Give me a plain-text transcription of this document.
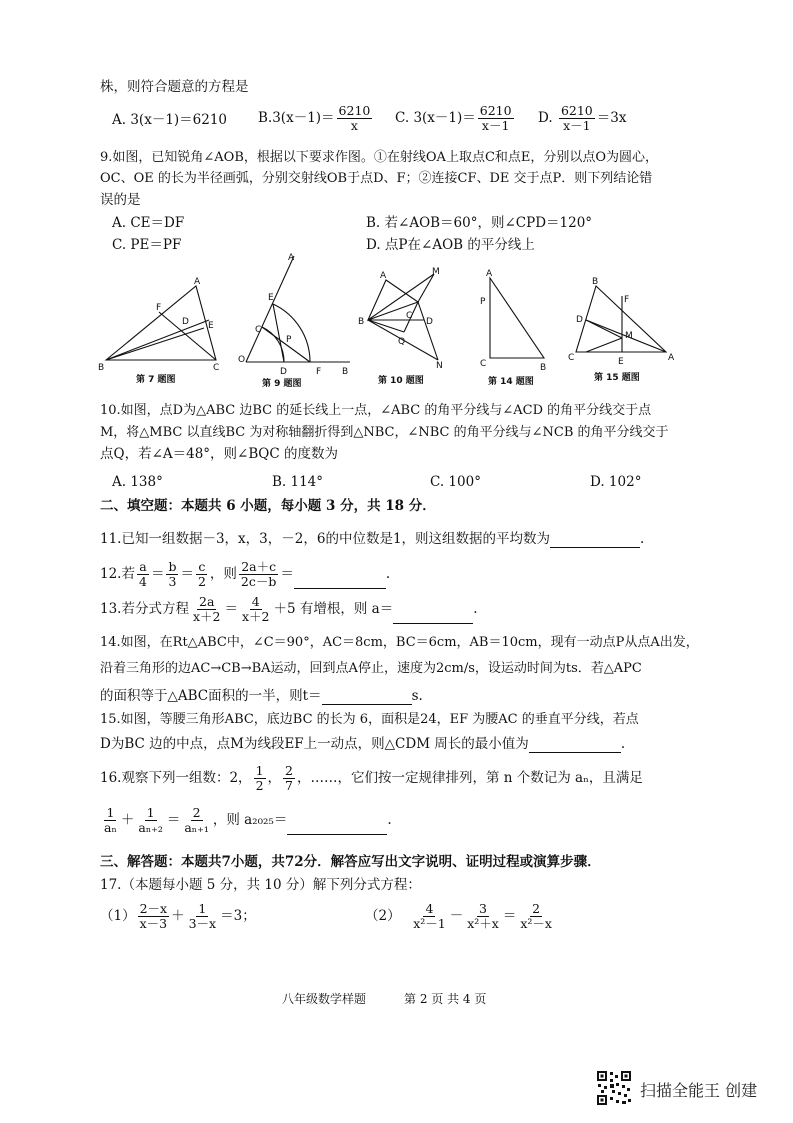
株，则符合题意的方程是
A. 3(x－1)＝6210 $B.3(x-1)= \frac{6210}{x} C$. $3(x-1)= \frac{6210}{x-1} D$. $\frac{6210}{x-1} =3x$
9.如图，已知锐角∠AOB，根据以下要求作图。①在射线OA上取点C和点E，分别以点O为圆心，
OC、OE 的长为半径画弧，分别交射线OB于点D、F；②连接CF、DE 交于点P．则下列结论错
误的是
A. CE＝DF	B. 若∠AOB＝60°，则∠CPD＝120°
C. PE＝PF	D. 点P在∠AOB 的平分线上
A
B	C
D E
F
第 7 题图
A
B
C
D
E
F
O
P
第 9 题图
A
B
C
D
M
N
Q
第 10 题图
A
B
C
P
第 14 题图
B
A
C
D
E
F
M
第 15 题图
10.如图，点D为△ABC 边BC 的延长线上一点，∠ABC 的角平分线与∠ACD 的角平分线交于点
M，将△MBC 以直线BC 为对称轴翻折得到△NBC，∠NBC 的角平分线与∠NCB 的角平分线交于
点Q，若∠A＝48°，则∠BQC 的度数为
A. 138°	B. 114°	C. 100°	D. 102°
二、填空题：本题共 6 小题，每小题 3 分，共 18 分．
11.已知一组数据－3，x，3，－2，6的中位数是1，则这组数据的平均数为	.
12.若 $\frac{a}{4} = \frac{b}{3} = \frac{c}{2}$ ，则 $\frac{2a+c}{2c-b}$ ＝	.
13.若分式方程 $\frac{2a}{x+2} = \frac{4}{x+2} +5$ 有增根，则 a＝	.
14.如图，在Rt△ABC中，∠C＝90°，AC＝8cm，BC＝6cm，AB＝10cm，现有一动点P从点A出发，
沿着三角形的边AC→CB→BA运动，回到点A停止，速度为2cm/s，设运动时间为ts．若△APC
的面积等于△ABC面积的一半，则t＝	s.
15.如图，等腰三角形ABC，底边BC 的长为 6，面积是24，EF 为腰AC 的垂直平分线，若点
D为BC 边的中点，点M为线段EF上一动点，则△CDM 周长的最小值为	.
16.观察下列一组数：2， $\frac{1}{2}$ ， $\frac{2}{7}$ ，……，它们按一定规律排列，第 n 个数记为 aₙ，且满足
$\frac{1}{\text{aₙ}} + \frac{1}{\text{aₙ₊₂}} = \frac{2}{\text{aₙ₊₁}}$ ，则 a₂₀₂₅＝	.
三、解答题：本题共7小题，共72分．解答应写出文字说明、证明过程或演算步骤．
17.（本题每小题 5 分，共 10 分）解下列分式方程：
$(1) \frac{2-x}{x-3} + \frac{1}{3-x} =3$；	$(2) \frac{4}{\text{x²－1}} - \frac{3}{\text{x²＋x}} = \frac{2}{\text{x²－x}}$
八年级数学样题	第 2 页 共 4 页
扫描全能王 创建
